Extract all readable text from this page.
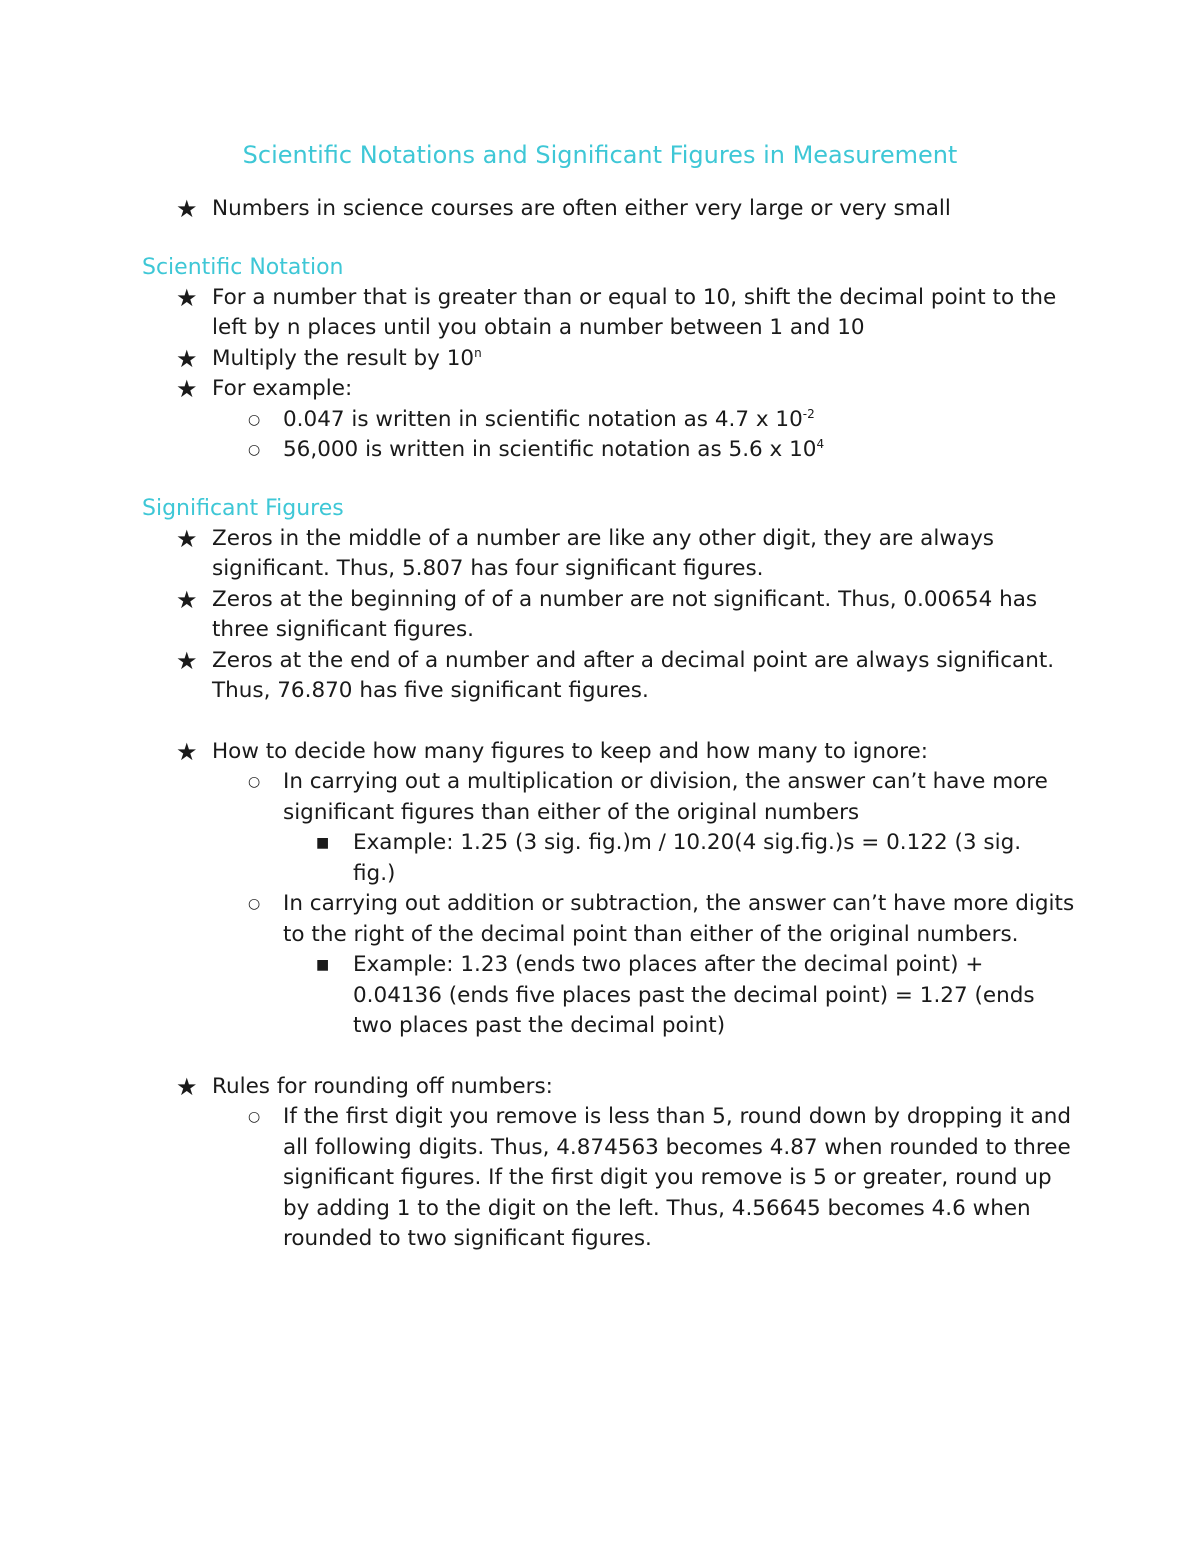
Scientific Notations and Significant Figures in Measurement

★ Numbers in science courses are often either very large or very small

Scientific Notation

★ For a number that is greater than or equal to 10, shift the decimal point to the left by n places until you obtain a number between 1 and 10

★ Multiply the result by 10$^n$

★ For example:

○ 0.047 is written in scientific notation as 4.7 x $10^{-2}$

○ 56,000 is written in scientific notation as 5.6 x $10^4$

Significant Figures

★ Zeros in the middle of a number are like any other digit, they are always significant. Thus, 5.807 has four significant figures.

★ Zeros at the beginning of of a number are not significant. Thus, 0.00654 has three significant figures.

★ Zeros at the end of a number and after a decimal point are always significant. Thus, 76.870 has five significant figures.

★ How to decide how many figures to keep and how many to ignore:

○ In carrying out a multiplication or division, the answer can’t have more significant figures than either of the original numbers

■ Example: 1.25 (3 sig. fig.)m / 10.20(4 sig.fig.)s = 0.122 (3 sig. fig.)

○ In carrying out addition or subtraction, the answer can’t have more digits to the right of the decimal point than either of the original numbers.

■ Example: 1.23 (ends two places after the decimal point) + 0.04136 (ends five places past the decimal point) = 1.27 (ends two places past the decimal point)

★ Rules for rounding off numbers:

○ If the first digit you remove is less than 5, round down by dropping it and all following digits. Thus, 4.874563 becomes 4.87 when rounded to three significant figures. If the first digit you remove is 5 or greater, round up by adding 1 to the digit on the left. Thus, 4.56645 becomes 4.6 when rounded to two significant figures.
